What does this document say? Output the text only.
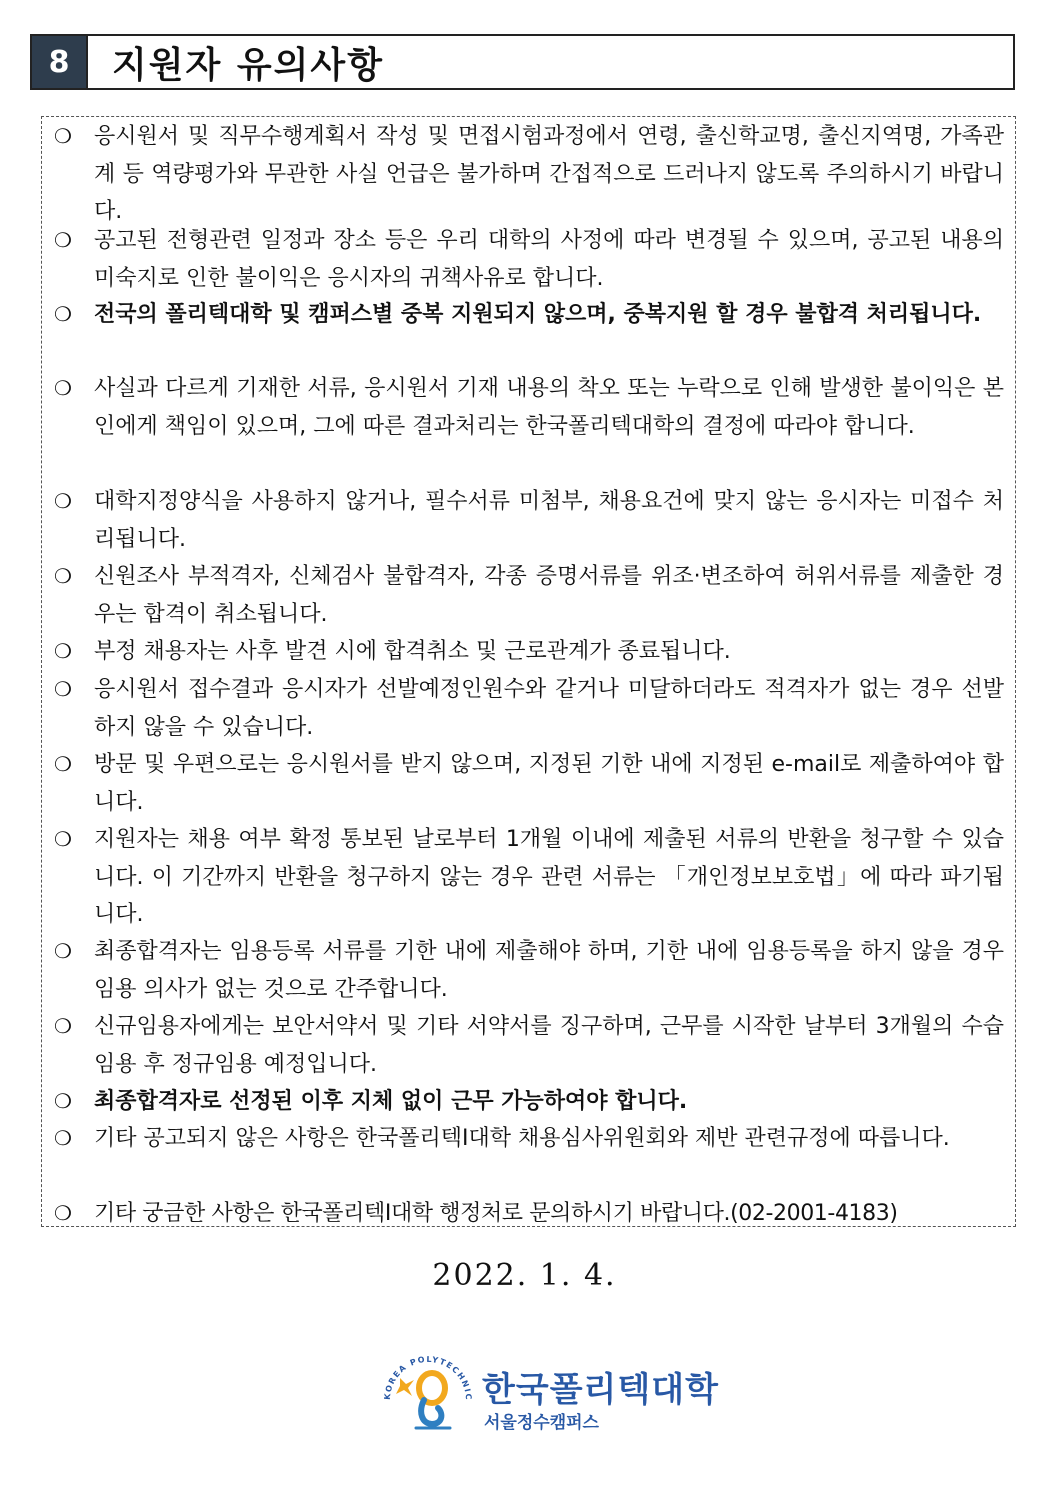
8	지원자 유의사항
❍ 응시원서 및 직무수행계획서 작성 및 면접시험과정에서 연령, 출신학교명, 출신지역명, 가족관계 등 역량평가와 무관한 사실 언급은 불가하며 간접적으로 드러나지 않도록 주의하시기 바랍니다.
❍ 공고된 전형관련 일정과 장소 등은 우리 대학의 사정에 따라 변경될 수 있으며, 공고된 내용의 미숙지로 인한 불이익은 응시자의 귀책사유로 합니다.
❍ 전국의 폴리텍대학 및 캠퍼스별 중복 지원되지 않으며, 중복지원 할 경우 불합격 처리됩니다.
❍ 사실과 다르게 기재한 서류, 응시원서 기재 내용의 착오 또는 누락으로 인해 발생한 불이익은 본인에게 책임이 있으며, 그에 따른 결과처리는 한국폴리텍대학의 결정에 따라야 합니다.
❍ 대학지정양식을 사용하지 않거나, 필수서류 미첨부, 채용요건에 맞지 않는 응시자는 미접수 처리됩니다.
❍ 신원조사 부적격자, 신체검사 불합격자, 각종 증명서류를 위조·변조하여 허위서류를 제출한 경우는 합격이 취소됩니다.
❍ 부정 채용자는 사후 발견 시에 합격취소 및 근로관계가 종료됩니다.
❍ 응시원서 접수결과 응시자가 선발예정인원수와 같거나 미달하더라도 적격자가 없는 경우 선발하지 않을 수 있습니다.
❍ 방문 및 우편으로는 응시원서를 받지 않으며, 지정된 기한 내에 지정된 e-mail로 제출하여야 합니다.
❍ 지원자는 채용 여부 확정 통보된 날로부터 1개월 이내에 제출된 서류의 반환을 청구할 수 있습니다. 이 기간까지 반환을 청구하지 않는 경우 관련 서류는 「개인정보보호법」에 따라 파기됩니다.
❍ 최종합격자는 임용등록 서류를 기한 내에 제출해야 하며, 기한 내에 임용등록을 하지 않을 경우 임용 의사가 없는 것으로 간주합니다.
❍ 신규임용자에게는 보안서약서 및 기타 서약서를 징구하며, 근무를 시작한 날부터 3개월의 수습임용 후 정규임용 예정입니다.
❍ 최종합격자로 선정된 이후 지체 없이 근무 가능하여야 합니다.
❍ 기타 공고되지 않은 사항은 한국폴리텍I대학 채용심사위원회와 제반 관련규정에 따릅니다.
❍ 기타 궁금한 사항은 한국폴리텍I대학 행정처로 문의하시기 바랍니다.(02-2001-4183)
2022. 1. 4.
KOREA POLYTECHNIC 한국폴리텍대학
서울정수캠퍼스
